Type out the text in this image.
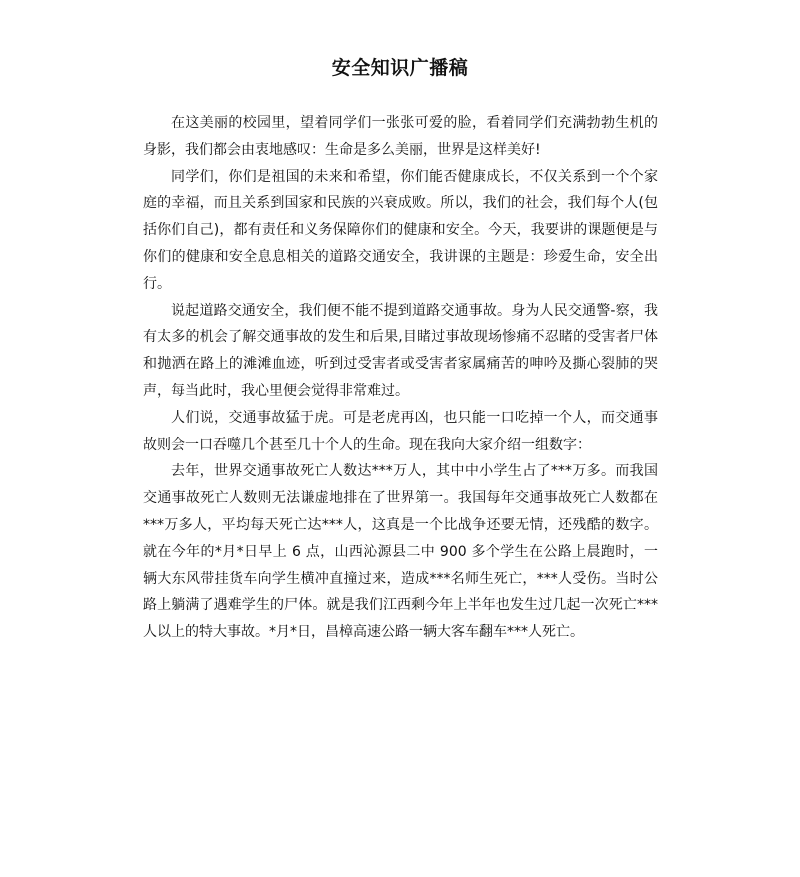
安全知识广播稿

在这美丽的校园里，望着同学们一张张可爱的脸，看着同学们充满勃勃生机的身影，我们都会由衷地感叹：生命是多么美丽，世界是这样美好!

同学们，你们是祖国的未来和希望，你们能否健康成长，不仅关系到一个个家庭的幸福，而且关系到国家和民族的兴衰成败。所以，我们的社会，我们每个人(包括你们自己)，都有责任和义务保障你们的健康和安全。今天，我要讲的课题便是与你们的健康和安全息息相关的道路交通安全，我讲课的主题是：珍爱生命，安全出行。

说起道路交通安全，我们便不能不提到道路交通事故。身为人民交通警-察，我有太多的机会了解交通事故的发生和后果,目睹过事故现场惨痛不忍睹的受害者尸体和抛洒在路上的滩滩血迹，听到过受害者或受害者家属痛苦的呻吟及撕心裂肺的哭声，每当此时，我心里便会觉得非常难过。

人们说，交通事故猛于虎。可是老虎再凶，也只能一口吃掉一个人，而交通事故则会一口吞噬几个甚至几十个人的生命。现在我向大家介绍一组数字：

去年，世界交通事故死亡人数达***万人，其中中小学生占了***万多。而我国交通事故死亡人数则无法谦虚地排在了世界第一。我国每年交通事故死亡人数都在***万多人，平均每天死亡达***人，这真是一个比战争还要无情，还残酷的数字。就在今年的*月*日早上 6 点，山西沁源县二中 900 多个学生在公路上晨跑时，一辆大东风带挂货车向学生横冲直撞过来，造成***名师生死亡，***人受伤。当时公路上躺满了遇难学生的尸体。就是我们江西剩今年上半年也发生过几起一次死亡***人以上的特大事故。*月*日，昌樟高速公路一辆大客车翻车***人死亡。
